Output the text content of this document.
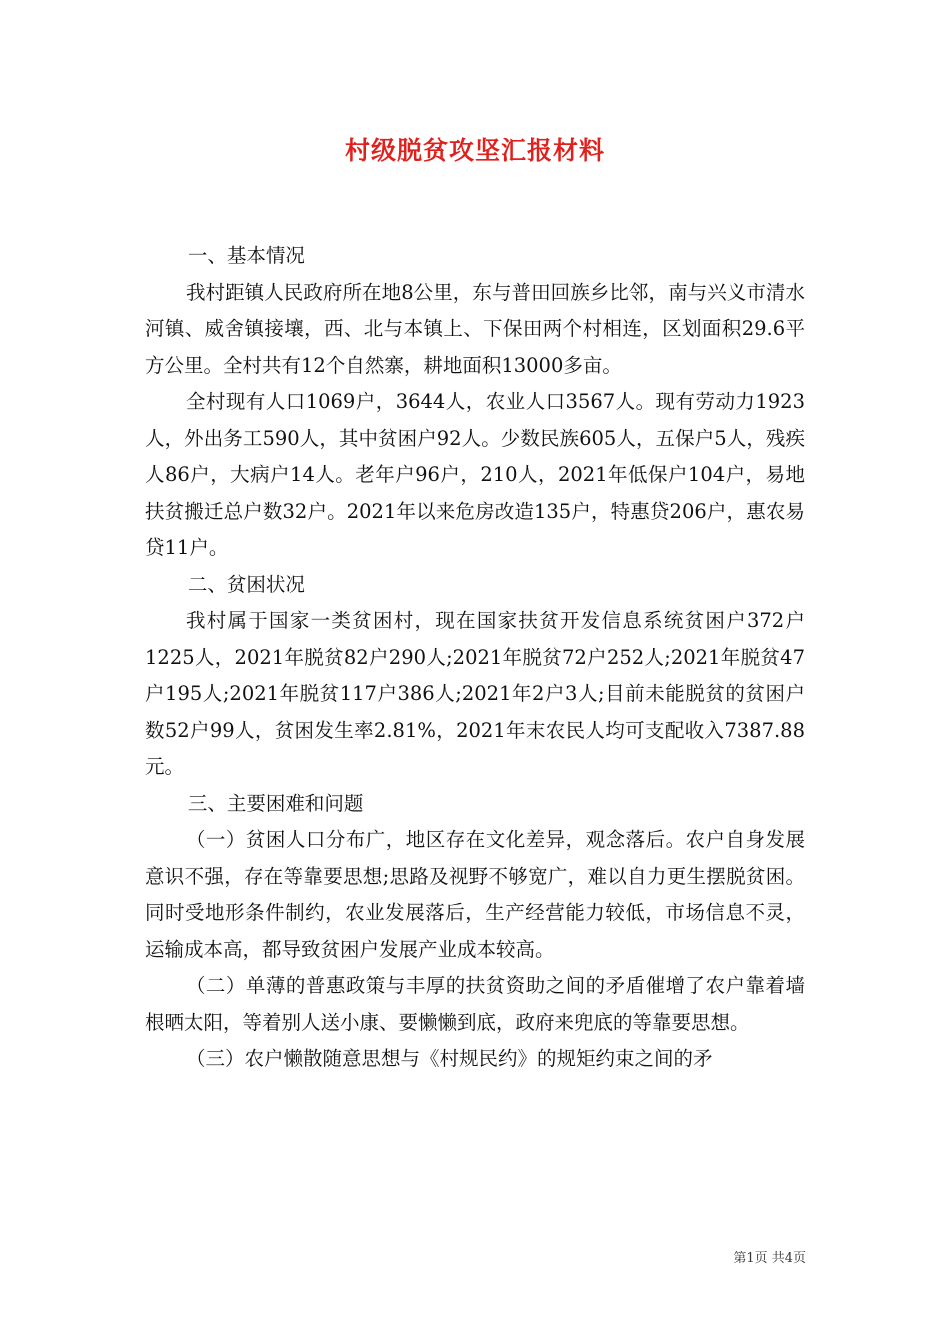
村级脱贫攻坚汇报材料

一、基本情况

我村距镇人民政府所在地8公里，东与普田回族乡比邻，南与兴义市清水河镇、威舍镇接壤，西、北与本镇上、下保田两个村相连，区划面积29.6平方公里。全村共有12个自然寨，耕地面积13000多亩。

全村现有人口1069户，3644人，农业人口3567人。现有劳动力1923人，外出务工590人，其中贫困户92人。少数民族605人，五保户5人，残疾人86户，大病户14人。老年户96户，210人，2021年低保户104户，易地扶贫搬迁总户数32户。2021年以来危房改造135户，特惠贷206户，惠农易贷11户。

二、贫困状况

我村属于国家一类贫困村，现在国家扶贫开发信息系统贫困户372户1225人，2021年脱贫82户290人;2021年脱贫72户252人;2021年脱贫47户195人;2021年脱贫117户386人;2021年2户3人;目前未能脱贫的贫困户数52户99人，贫困发生率2.81%，2021年末农民人均可支配收入7387.88元。

三、主要困难和问题

（一）贫困人口分布广，地区存在文化差异，观念落后。农户自身发展意识不强，存在等靠要思想;思路及视野不够宽广，难以自力更生摆脱贫困。同时受地形条件制约，农业发展落后，生产经营能力较低，市场信息不灵，运输成本高，都导致贫困户发展产业成本较高。

（二）单薄的普惠政策与丰厚的扶贫资助之间的矛盾催增了农户靠着墙根晒太阳，等着别人送小康、要懒懒到底，政府来兜底的等靠要思想。

（三）农户懒散随意思想与《村规民约》的规矩约束之间的矛

第1页 共4页
